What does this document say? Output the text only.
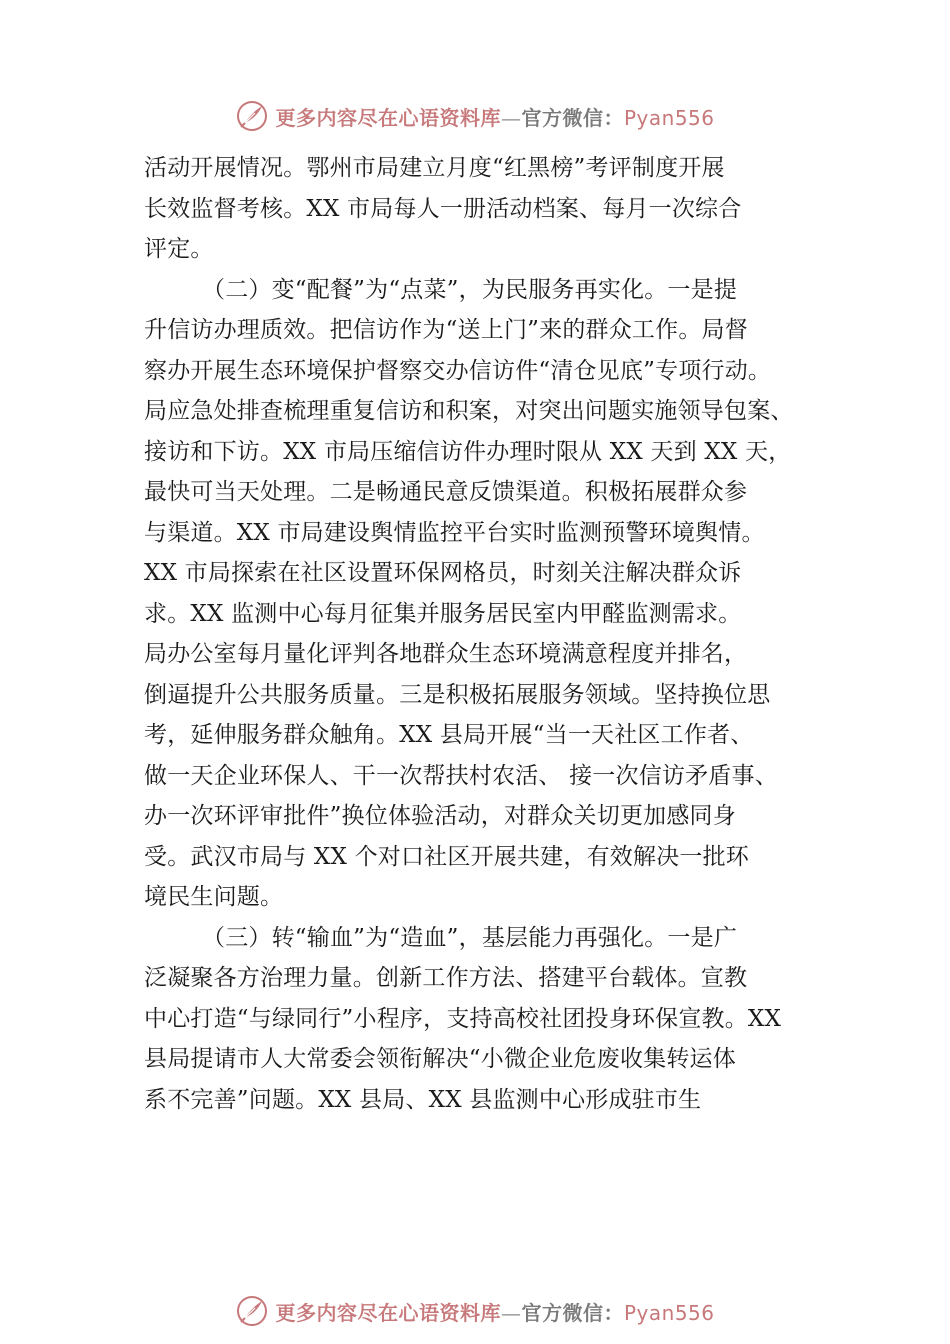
更多内容尽在心语资料库—官方微信：Pyan556
活动开展情况。鄂州市局建立月度“红黑榜”考评制度开展
长效监督考核。XX 市局每人一册活动档案、每月一次综合
评定。
（二）变“配餐”为“点菜”，为民服务再实化。一是提
升信访办理质效。把信访作为“送上门”来的群众工作。局督
察办开展生态环境保护督察交办信访件“清仓见底”专项行动。
局应急处排查梳理重复信访和积案，对突出问题实施领导包案、
接访和下访。XX 市局压缩信访件办理时限从 XX 天到 XX 天，
最快可当天处理。二是畅通民意反馈渠道。积极拓展群众参
与渠道。XX 市局建设舆情监控平台实时监测预警环境舆情。
XX 市局探索在社区设置环保网格员，时刻关注解决群众诉
求。XX 监测中心每月征集并服务居民室内甲醛监测需求。
局办公室每月量化评判各地群众生态环境满意程度并排名，
倒逼提升公共服务质量。三是积极拓展服务领域。坚持换位思
考，延伸服务群众触角。XX 县局开展“当一天社区工作者、
做一天企业环保人、干一次帮扶村农活、 接一次信访矛盾事、
办一次环评审批件”换位体验活动，对群众关切更加感同身
受。武汉市局与 XX 个对口社区开展共建，有效解决一批环
境民生问题。
（三）转“输血”为“造血”，基层能力再强化。一是广
泛凝聚各方治理力量。创新工作方法、搭建平台载体。宣教
中心打造“与绿同行”小程序，支持高校社团投身环保宣教。XX
县局提请市人大常委会领衔解决“小微企业危废收集转运体
系不完善”问题。XX 县局、XX 县监测中心形成驻市生
更多内容尽在心语资料库—官方微信：Pyan556
